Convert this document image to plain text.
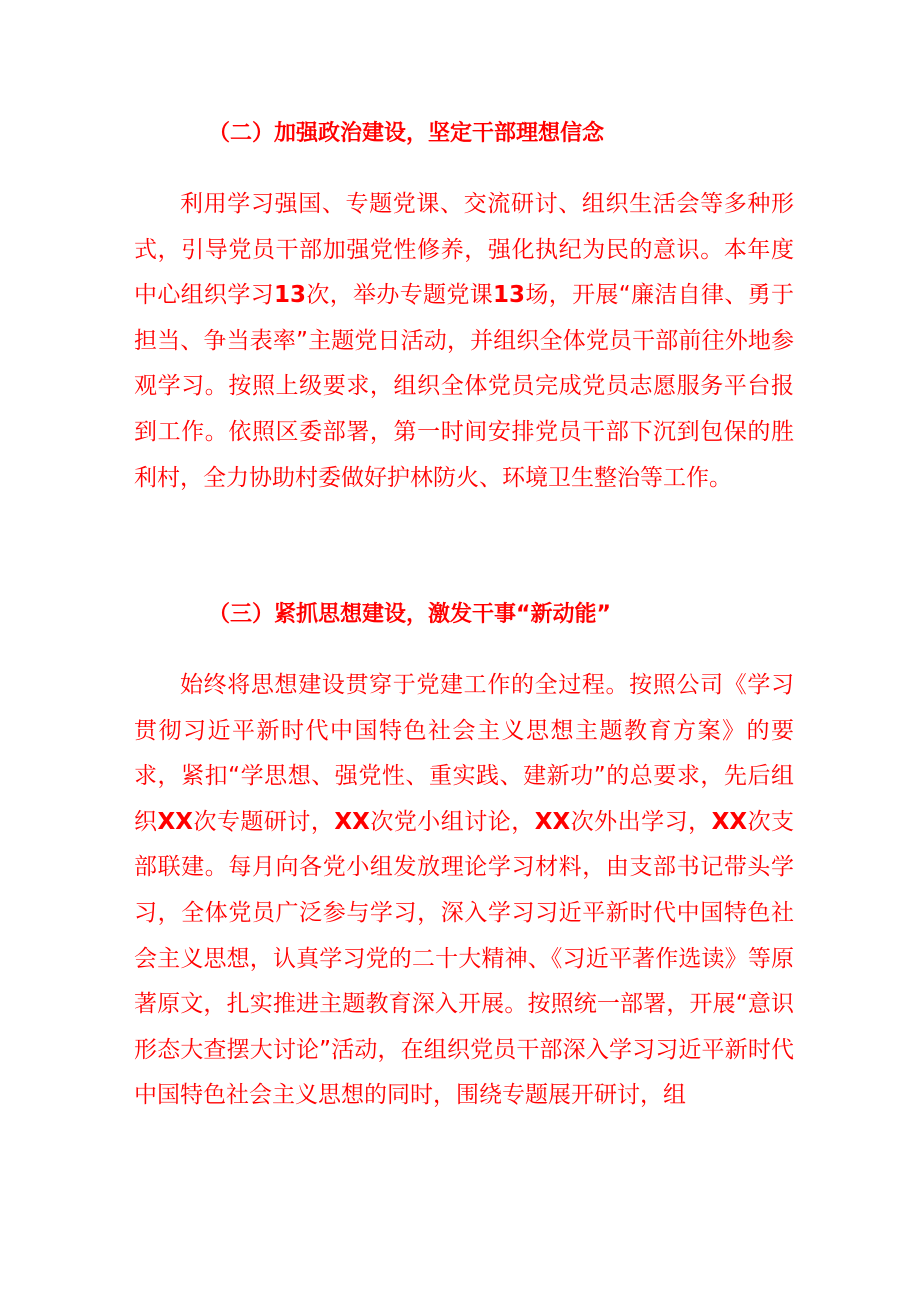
（二）加强政治建设，坚定干部理想信念

利用学习强国、专题党课、交流研讨、组织生活会等多种形式，引导党员干部加强党性修养，强化执纪为民的意识。本年度中心组织学习13次，举办专题党课13场，开展“廉洁自律、勇于担当、争当表率”主题党日活动，并组织全体党员干部前往外地参观学习。按照上级要求，组织全体党员完成党员志愿服务平台报到工作。依照区委部署，第一时间安排党员干部下沉到包保的胜利村，全力协助村委做好护林防火、环境卫生整治等工作。

（三）紧抓思想建设，激发干事“新动能”

始终将思想建设贯穿于党建工作的全过程。按照公司《学习贯彻习近平新时代中国特色社会主义思想主题教育方案》的要求，紧扣“学思想、强党性、重实践、建新功”的总要求，先后组织XX次专题研讨，XX次党小组讨论，XX次外出学习，XX次支部联建。每月向各党小组发放理论学习材料，由支部书记带头学习，全体党员广泛参与学习，深入学习习近平新时代中国特色社会主义思想，认真学习党的二十大精神、《习近平著作选读》等原著原文，扎实推进主题教育深入开展。按照统一部署，开展“意识形态大查摆大讨论”活动，在组织党员干部深入学习习近平新时代中国特色社会主义思想的同时，围绕专题展开研讨，组
